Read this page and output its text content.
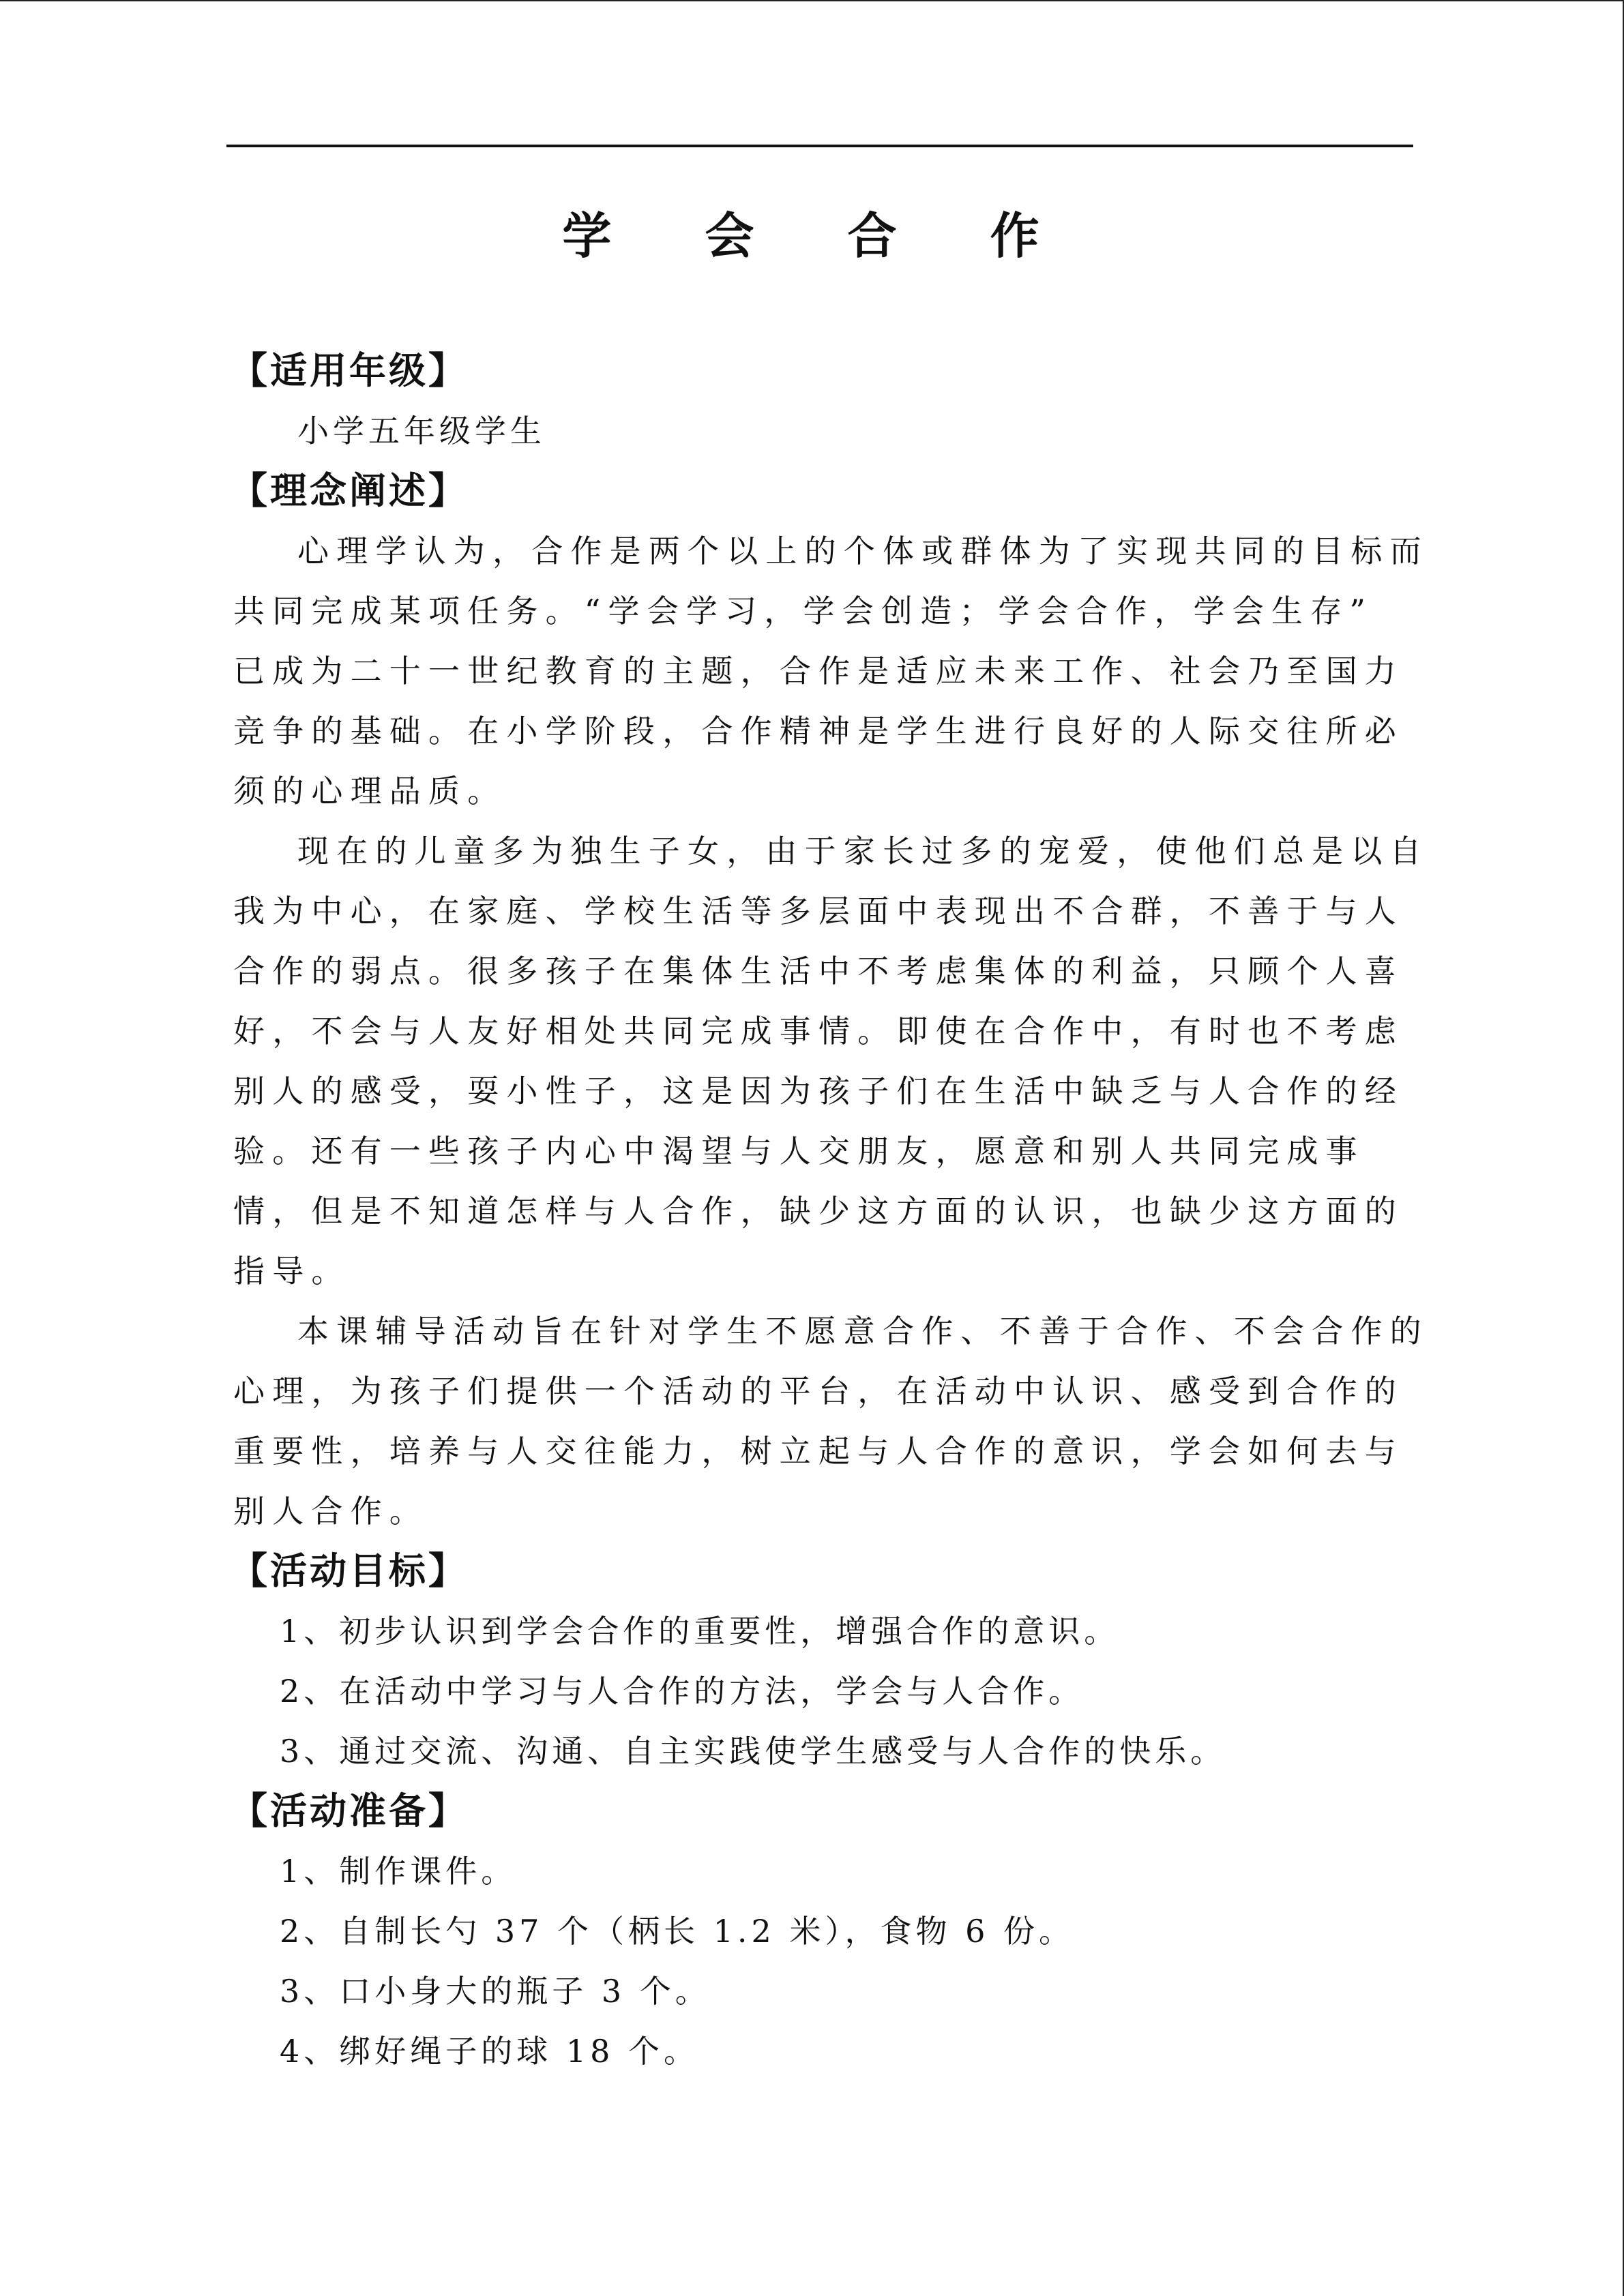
学 会 合 作
【适用年级】
小学五年级学生
【理念阐述】
心理学认为，合作是两个以上的个体或群体为了实现共同的目标而
共同完成某项任务。“学会学习，学会创造；学会合作，学会生存”
已成为二十一世纪教育的主题，合作是适应未来工作、社会乃至国力
竞争的基础。在小学阶段，合作精神是学生进行良好的人际交往所必
须的心理品质。
现在的儿童多为独生子女，由于家长过多的宠爱，使他们总是以自
我为中心，在家庭、学校生活等多层面中表现出不合群，不善于与人
合作的弱点。很多孩子在集体生活中不考虑集体的利益，只顾个人喜
好，不会与人友好相处共同完成事情。即使在合作中，有时也不考虑
别人的感受，耍小性子，这是因为孩子们在生活中缺乏与人合作的经
验。还有一些孩子内心中渴望与人交朋友，愿意和别人共同完成事
情，但是不知道怎样与人合作，缺少这方面的认识，也缺少这方面的
指导。
本课辅导活动旨在针对学生不愿意合作、不善于合作、不会合作的
心理，为孩子们提供一个活动的平台，在活动中认识、感受到合作的
重要性，培养与人交往能力，树立起与人合作的意识，学会如何去与
别人合作。
【活动目标】
1、初步认识到学会合作的重要性，增强合作的意识。
2、在活动中学习与人合作的方法，学会与人合作。
3、通过交流、沟通、自主实践使学生感受与人合作的快乐。
【活动准备】
1、制作课件。
2、自制长勺 37 个（柄长 1.2 米），食物 6 份。
3、口小身大的瓶子 3 个。
4、绑好绳子的球 18 个。
